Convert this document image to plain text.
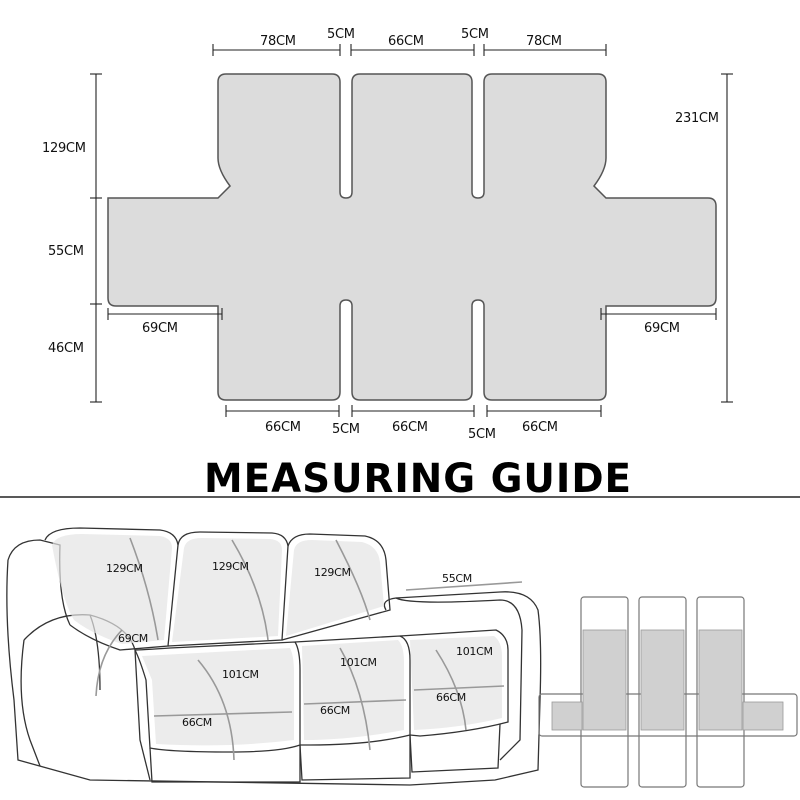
78CM 5CM	66CM	5CM	78CM
129CM
55CM
46CM
231CM
69CM	69CM
66CM 5CM 66CM	5CM 66CM
MEASURING GUIDE
129CM	129CM	129CM	55CM
69CM
101CM
101CM
101CM
66CM
66CM
66CM
